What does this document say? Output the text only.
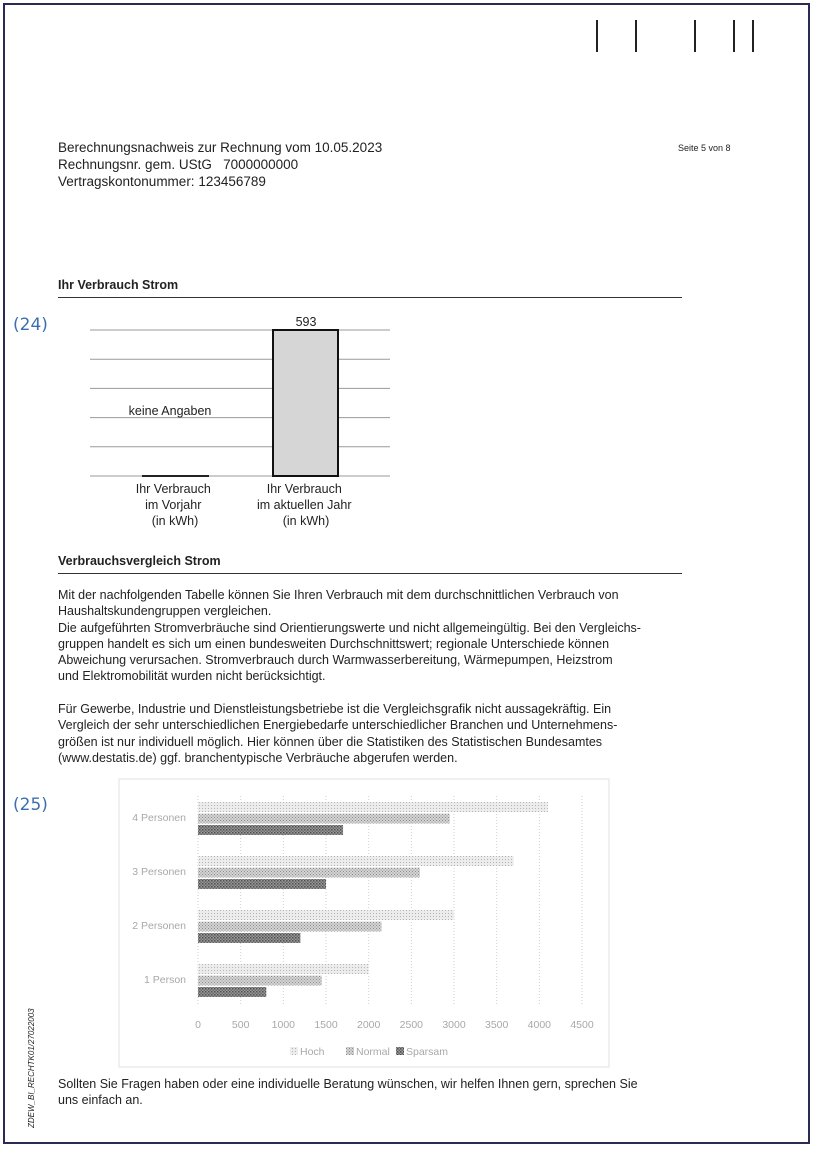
Berechnungsnachweis zur Rechnung vom 10.05.2023
Rechnungsnr. gem. UStG   7000000000
Vertragskontonummer: 123456789
Seite 5 von 8
Ihr Verbrauch Strom
(24)	593
keine Angaben
Ihr Verbrauch im Vorjahr (in kWh)
Ihr Verbrauch im aktuellen Jahr (in kWh)
Verbrauchsvergleich Strom

Mit der nachfolgenden Tabelle können Sie Ihren Verbrauch mit dem durchschnittlichen Verbrauch von

Haushaltskundengruppen vergleichen.

Die aufgeführten Stromverbräuche sind Orientierungswerte und nicht allgemeingültig. Bei den Vergleichs-

gruppen handelt es sich um einen bundesweiten Durchschnittswert; regionale Unterschiede können

Abweichung verursachen. Stromverbrauch durch Warmwasserbereitung, Wärmepumpen, Heizstrom

und Elektromobilität wurden nicht berücksichtigt.

Für Gewerbe, Industrie und Dienstleistungsbetriebe ist die Vergleichsgrafik nicht aussagekräftig. Ein

Vergleich der sehr unterschiedlichen Energiebedarfe unterschiedlicher Branchen und Unternehmens-

größen ist nur individuell möglich. Hier können über die Statistiken des Statistischen Bundesamtes

(www.destatis.de) ggf. branchentypische Verbräuche abgerufen werden.

(25)
4 Personen
3 Personen
2 Personen
1 Person
0	500 1000 1500 2000 2500 3000 3500 4000 4500
Hoch	Normal Sparsam

Sollten Sie Fragen haben oder eine individuelle Beratung wünschen, wir helfen Ihnen gern, sprechen Sie

uns einfach an.

ZDEW_BI_RECHTK01/27022003
